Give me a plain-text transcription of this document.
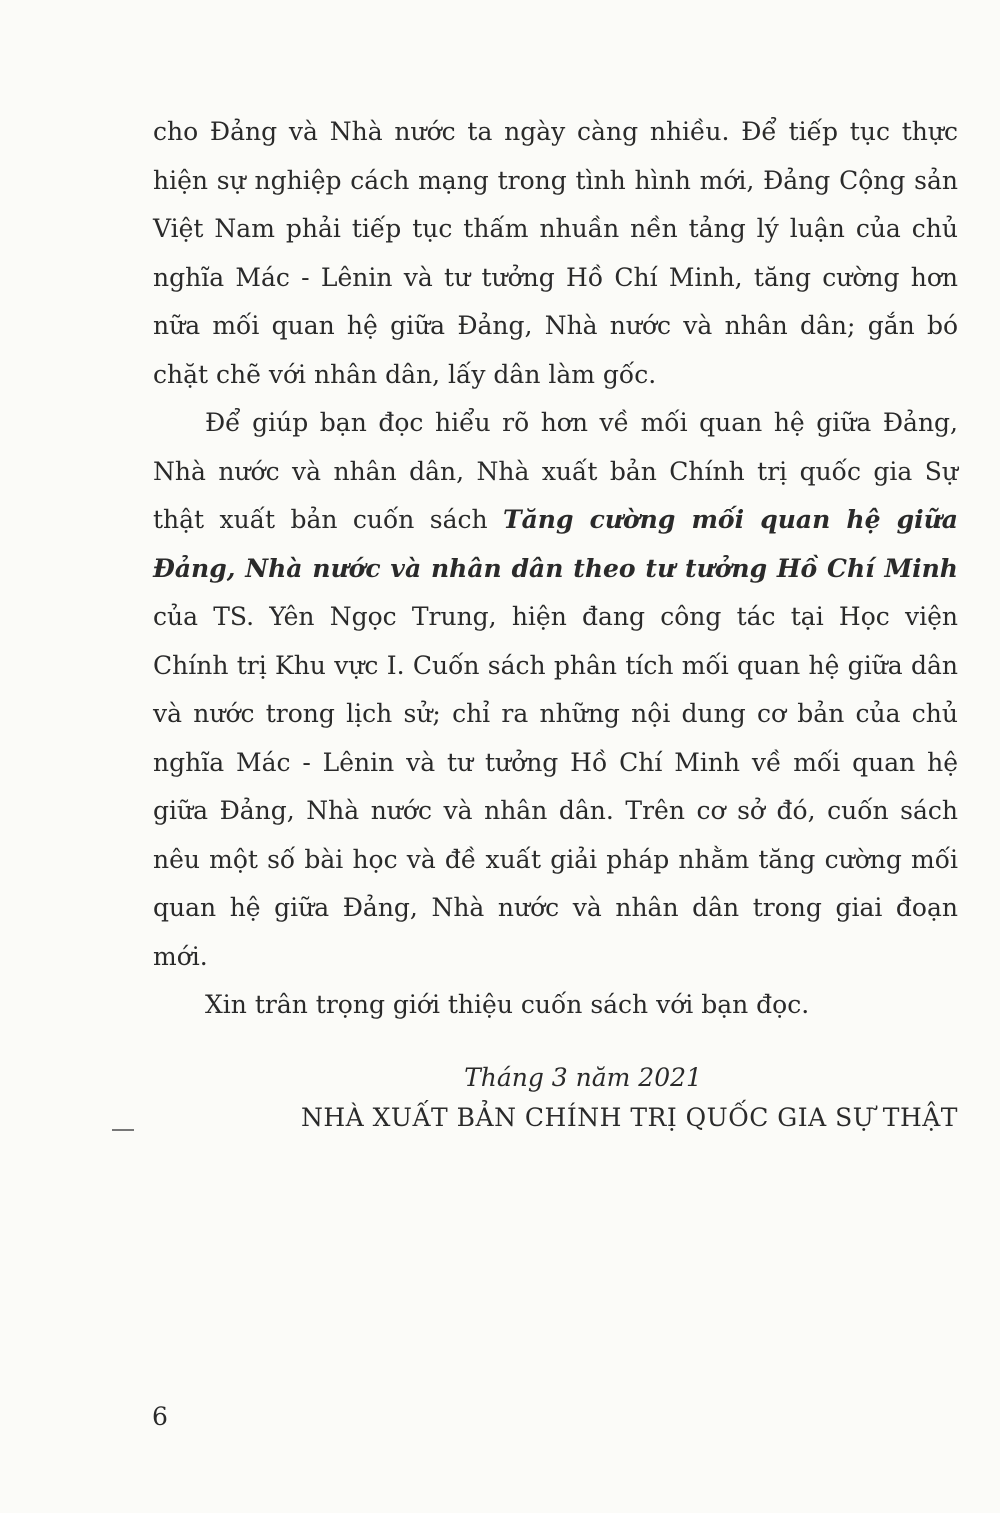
cho Đảng và Nhà nước ta ngày càng nhiều. Để tiếp tục thực hiện sự nghiệp cách mạng trong tình hình mới, Đảng Cộng sản Việt Nam phải tiếp tục thấm nhuần nền tảng lý luận của chủ nghĩa Mác - Lênin và tư tưởng Hồ Chí Minh, tăng cường hơn nữa mối quan hệ giữa Đảng, Nhà nước và nhân dân; gắn bó chặt chẽ với nhân dân, lấy dân làm gốc.

Để giúp bạn đọc hiểu rõ hơn về mối quan hệ giữa Đảng, Nhà nước và nhân dân, Nhà xuất bản Chính trị quốc gia Sự thật xuất bản cuốn sách Tăng cường mối quan hệ giữa Đảng, Nhà nước và nhân dân theo tư tưởng Hồ Chí Minh của TS. Yên Ngọc Trung, hiện đang công tác tại Học viện Chính trị Khu vực I. Cuốn sách phân tích mối quan hệ giữa dân và nước trong lịch sử; chỉ ra những nội dung cơ bản của chủ nghĩa Mác - Lênin và tư tưởng Hồ Chí Minh về mối quan hệ giữa Đảng, Nhà nước và nhân dân. Trên cơ sở đó, cuốn sách nêu một số bài học và đề xuất giải pháp nhằm tăng cường mối quan hệ giữa Đảng, Nhà nước và nhân dân trong giai đoạn mới.

Xin trân trọng giới thiệu cuốn sách với bạn đọc.

Tháng 3 năm 2021
NHÀ XUẤT BẢN CHÍNH TRỊ QUỐC GIA SỰ THẬT
6
